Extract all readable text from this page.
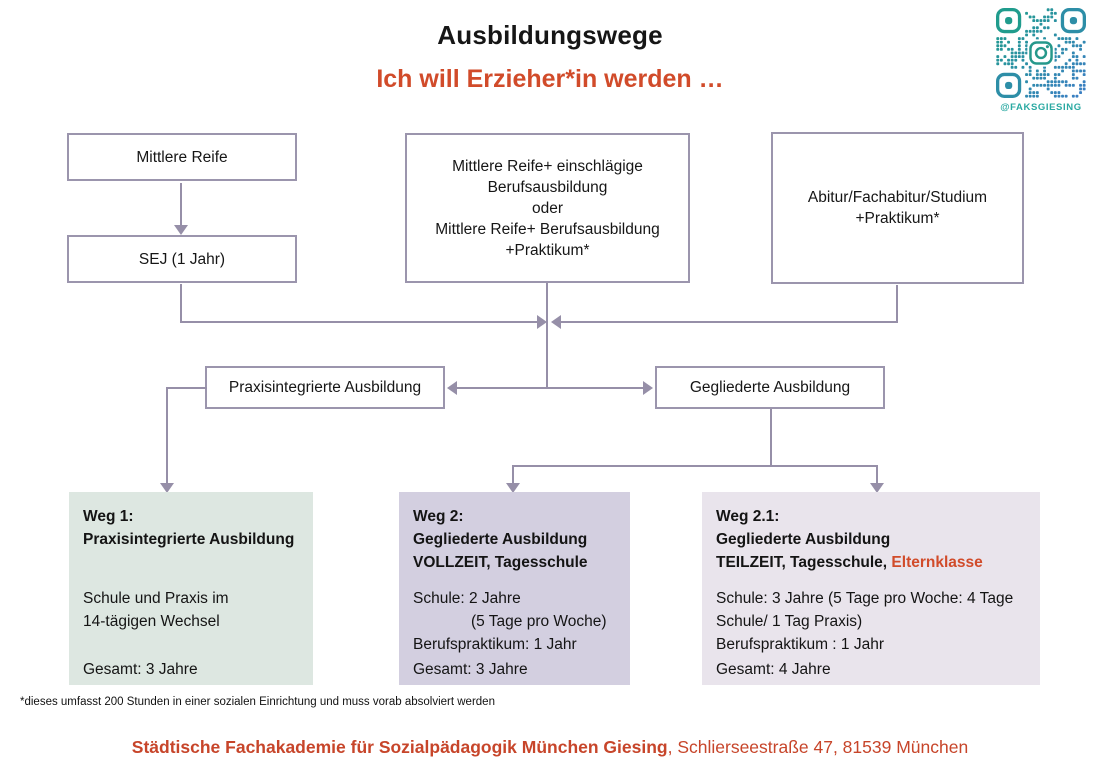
Ausbildungswege
Ich will Erzieher*in werden …
@FAKSGIESING
Mittlere Reife
SEJ (1 Jahr)
Mittlere Reife+ einschlägige
Berufsausbildung
oder
Mittlere Reife+ Berufsausbildung
+Praktikum*
Abitur/Fachabitur/Studium
+Praktikum*
Praxisintegrierte Ausbildung	Gegliederte Ausbildung
Weg 1:
Praxisintegrierte Ausbildung
Schule und Praxis im
14-tägigen Wechsel
Gesamt: 3 Jahre
Weg 2:
Gegliederte Ausbildung
VOLLZEIT, Tagesschule
Schule: 2 Jahre
(5 Tage pro Woche)
Berufspraktikum: 1 Jahr
Gesamt: 3 Jahre
Weg 2.1:
Gegliederte Ausbildung
TEILZEIT, Tagesschule, Elternklasse
Schule: 3 Jahre (5 Tage pro Woche: 4 Tage
Schule/ 1 Tag Praxis)
Berufspraktikum : 1 Jahr
Gesamt: 4 Jahre
*dieses umfasst 200 Stunden in einer sozialen Einrichtung und muss vorab absolviert werden
Städtische Fachakademie für Sozialpädagogik München Giesing, Schlierseestraße 47, 81539 München
